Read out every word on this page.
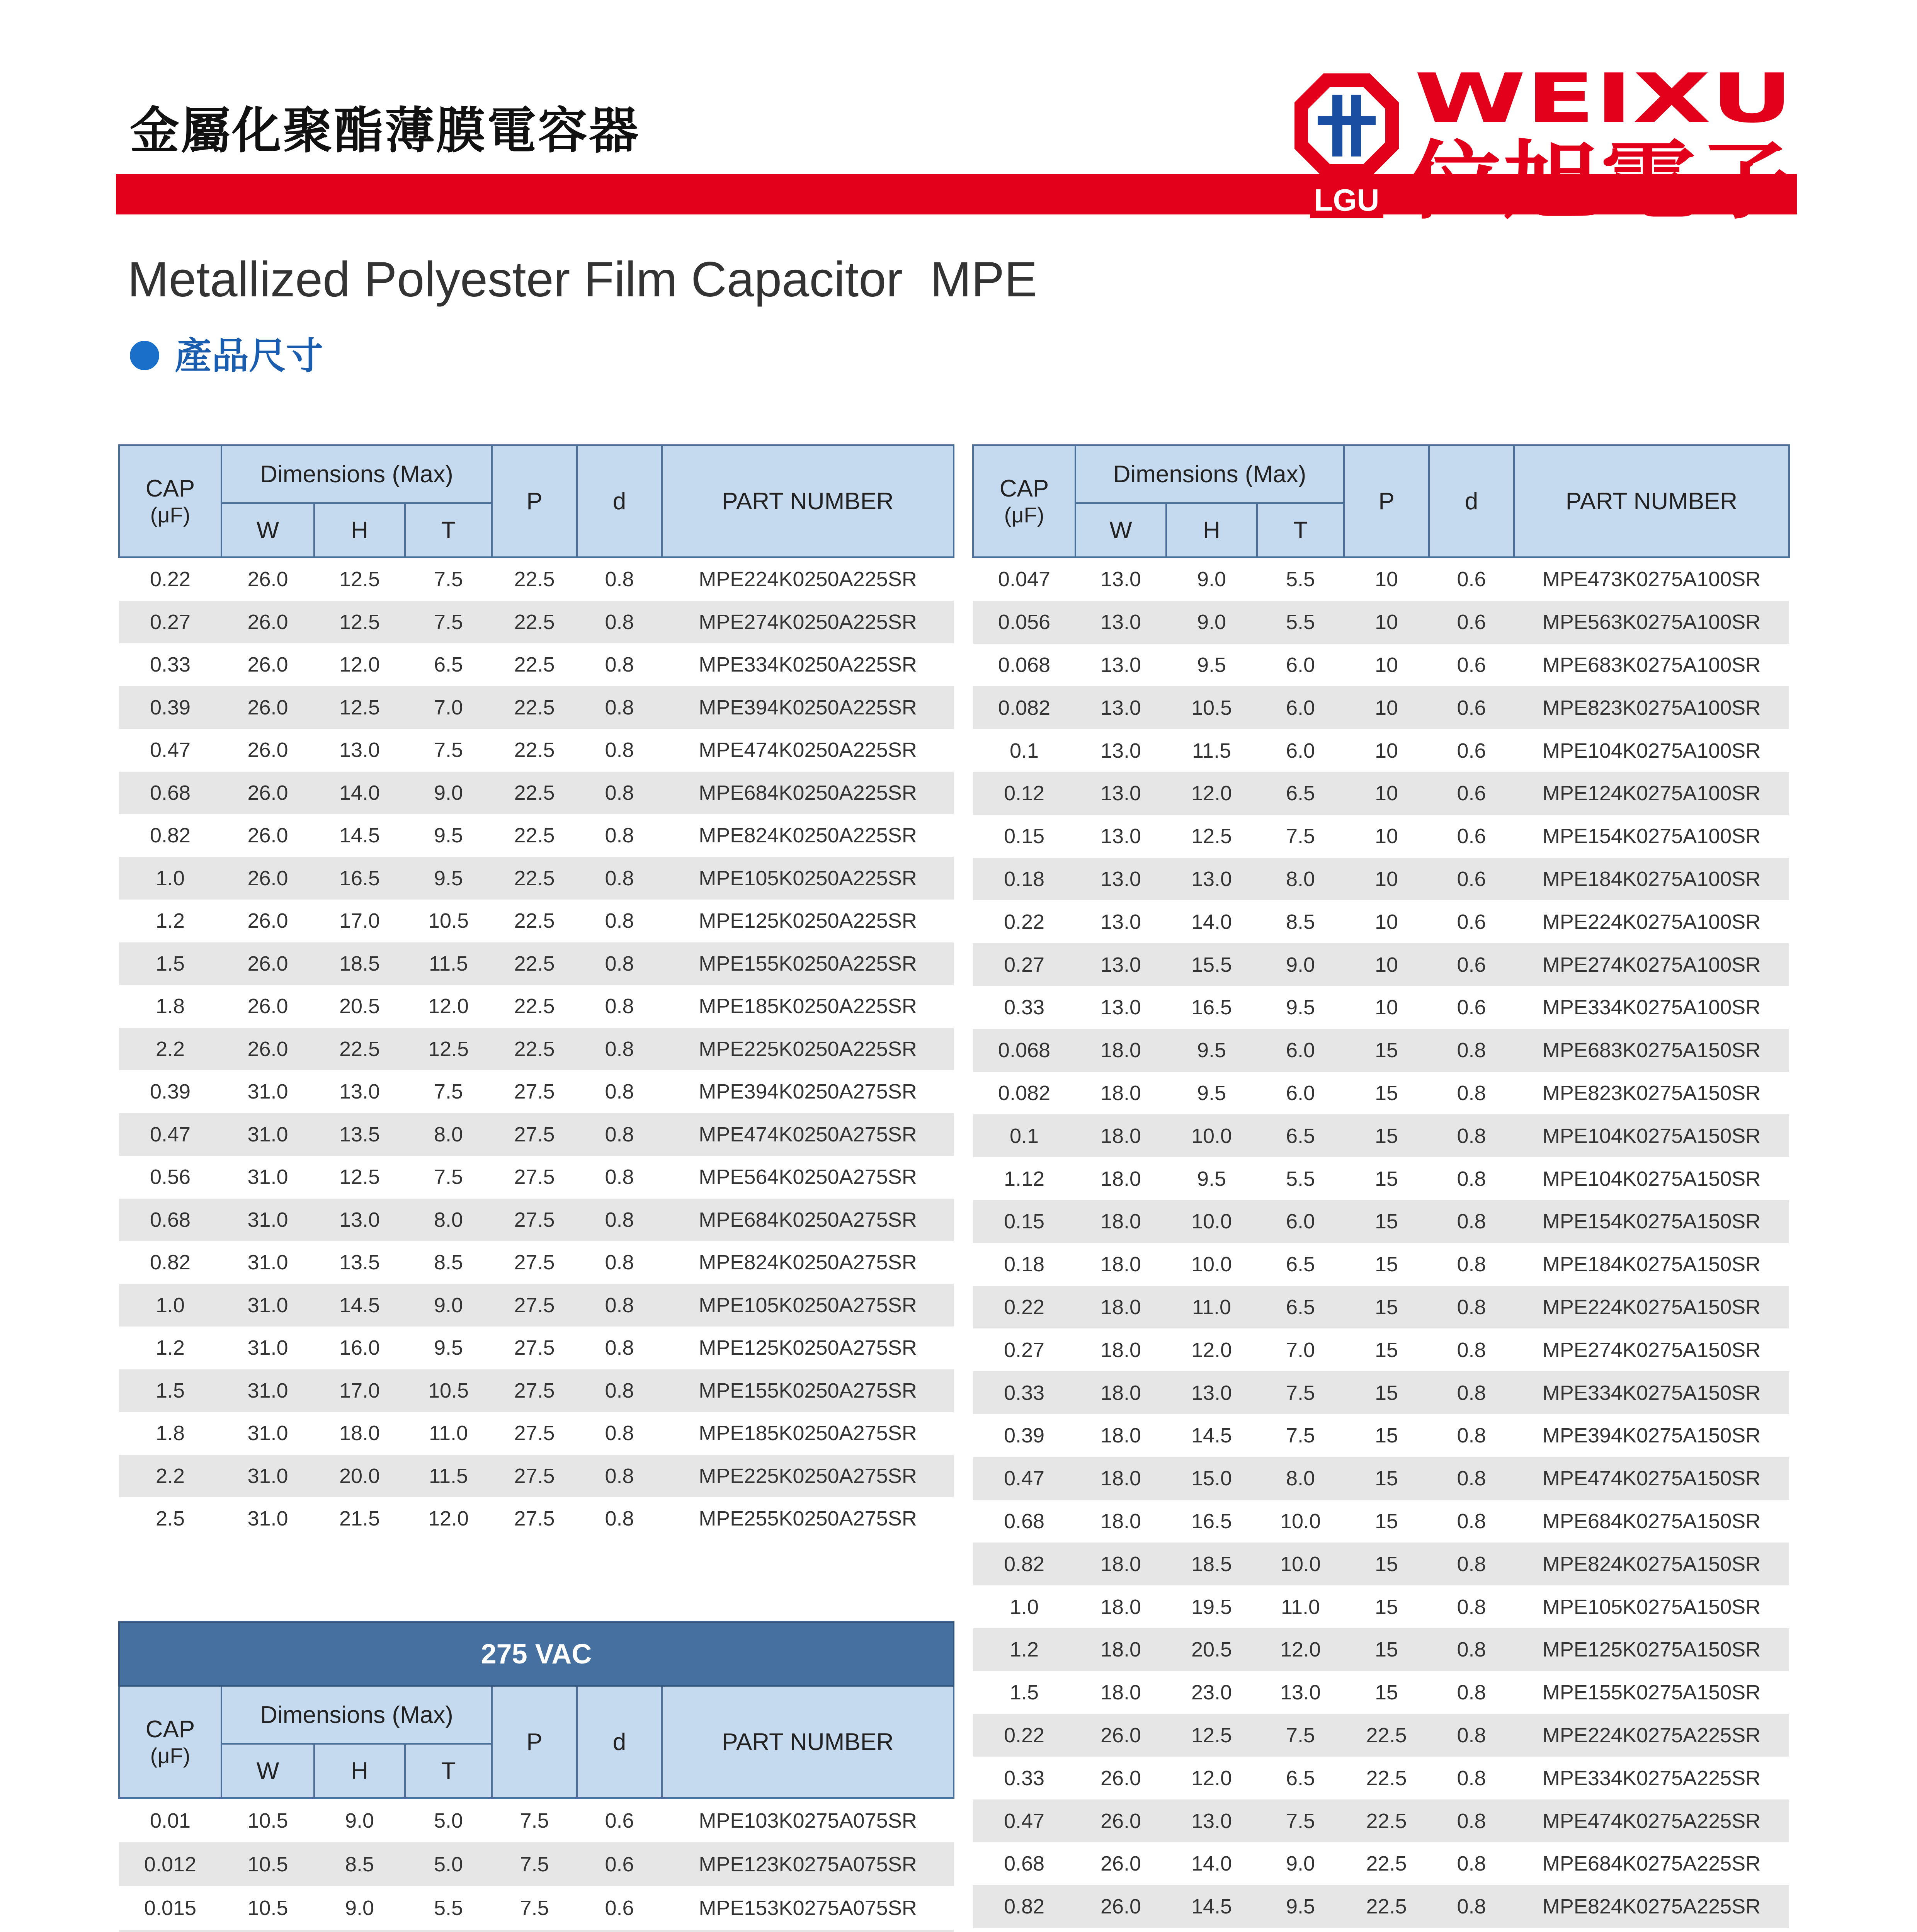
金屬化聚酯薄膜電容器
LGU
WEIXU
位旭電子
Metallized Polyester Film Capacitor  MPE
產品尺寸
CAP
(μF)	Dimensions (Max)			P	d	PART NUMBER
	W	H	T			
0.22	26.0	12.5	7.5	22.5	0.8	MPE224K0250A225SR
0.27	26.0	12.5	7.5	22.5	0.8	MPE274K0250A225SR
0.33	26.0	12.0	6.5	22.5	0.8	MPE334K0250A225SR
0.39	26.0	12.5	7.0	22.5	0.8	MPE394K0250A225SR
0.47	26.0	13.0	7.5	22.5	0.8	MPE474K0250A225SR
0.68	26.0	14.0	9.0	22.5	0.8	MPE684K0250A225SR
0.82	26.0	14.5	9.5	22.5	0.8	MPE824K0250A225SR
1.0	26.0	16.5	9.5	22.5	0.8	MPE105K0250A225SR
1.2	26.0	17.0	10.5	22.5	0.8	MPE125K0250A225SR
1.5	26.0	18.5	11.5	22.5	0.8	MPE155K0250A225SR
1.8	26.0	20.5	12.0	22.5	0.8	MPE185K0250A225SR
2.2	26.0	22.5	12.5	22.5	0.8	MPE225K0250A225SR
0.39	31.0	13.0	7.5	27.5	0.8	MPE394K0250A275SR
0.47	31.0	13.5	8.0	27.5	0.8	MPE474K0250A275SR
0.56	31.0	12.5	7.5	27.5	0.8	MPE564K0250A275SR
0.68	31.0	13.0	8.0	27.5	0.8	MPE684K0250A275SR
0.82	31.0	13.5	8.5	27.5	0.8	MPE824K0250A275SR
1.0	31.0	14.5	9.0	27.5	0.8	MPE105K0250A275SR
1.2	31.0	16.0	9.5	27.5	0.8	MPE125K0250A275SR
1.5	31.0	17.0	10.5	27.5	0.8	MPE155K0250A275SR
1.8	31.0	18.0	11.0	27.5	0.8	MPE185K0250A275SR
2.2	31.0	20.0	11.5	27.5	0.8	MPE225K0250A275SR
2.5	31.0	21.5	12.0	27.5	0.8	MPE255K0250A275SR
275 VAC						

CAP
(μF)	Dimensions (Max)			P	d	PART NUMBER
	W	H	T			
0.01	10.5	9.0	5.0	7.5	0.6	MPE103K0275A075SR
0.012	10.5	8.5	5.0	7.5	0.6	MPE123K0275A075SR
0.015	10.5	9.0	5.5	7.5	0.6	MPE153K0275A075SR

CAP
(μF)	Dimensions (Max)			P	d	PART NUMBER
	W	H	T			
0.047	13.0	9.0	5.5	10	0.6	MPE473K0275A100SR
0.056	13.0	9.0	5.5	10	0.6	MPE563K0275A100SR
0.068	13.0	9.5	6.0	10	0.6	MPE683K0275A100SR
0.082	13.0	10.5	6.0	10	0.6	MPE823K0275A100SR
0.1	13.0	11.5	6.0	10	0.6	MPE104K0275A100SR
0.12	13.0	12.0	6.5	10	0.6	MPE124K0275A100SR
0.15	13.0	12.5	7.5	10	0.6	MPE154K0275A100SR
0.18	13.0	13.0	8.0	10	0.6	MPE184K0275A100SR
0.22	13.0	14.0	8.5	10	0.6	MPE224K0275A100SR
0.27	13.0	15.5	9.0	10	0.6	MPE274K0275A100SR
0.33	13.0	16.5	9.5	10	0.6	MPE334K0275A100SR
0.068	18.0	9.5	6.0	15	0.8	MPE683K0275A150SR
0.082	18.0	9.5	6.0	15	0.8	MPE823K0275A150SR
0.1	18.0	10.0	6.5	15	0.8	MPE104K0275A150SR
1.12	18.0	9.5	5.5	15	0.8	MPE104K0275A150SR
0.15	18.0	10.0	6.0	15	0.8	MPE154K0275A150SR
0.18	18.0	10.0	6.5	15	0.8	MPE184K0275A150SR
0.22	18.0	11.0	6.5	15	0.8	MPE224K0275A150SR
0.27	18.0	12.0	7.0	15	0.8	MPE274K0275A150SR
0.33	18.0	13.0	7.5	15	0.8	MPE334K0275A150SR
0.39	18.0	14.5	7.5	15	0.8	MPE394K0275A150SR
0.47	18.0	15.0	8.0	15	0.8	MPE474K0275A150SR
0.68	18.0	16.5	10.0	15	0.8	MPE684K0275A150SR
0.82	18.0	18.5	10.0	15	0.8	MPE824K0275A150SR
1.0	18.0	19.5	11.0	15	0.8	MPE105K0275A150SR
1.2	18.0	20.5	12.0	15	0.8	MPE125K0275A150SR
1.5	18.0	23.0	13.0	15	0.8	MPE155K0275A150SR
0.22	26.0	12.5	7.5	22.5	0.8	MPE224K0275A225SR
0.33	26.0	12.0	6.5	22.5	0.8	MPE334K0275A225SR
0.47	26.0	13.0	7.5	22.5	0.8	MPE474K0275A225SR
0.68	26.0	14.0	9.0	22.5	0.8	MPE684K0275A225SR
0.82	26.0	14.5	9.5	22.5	0.8	MPE824K0275A225SR
